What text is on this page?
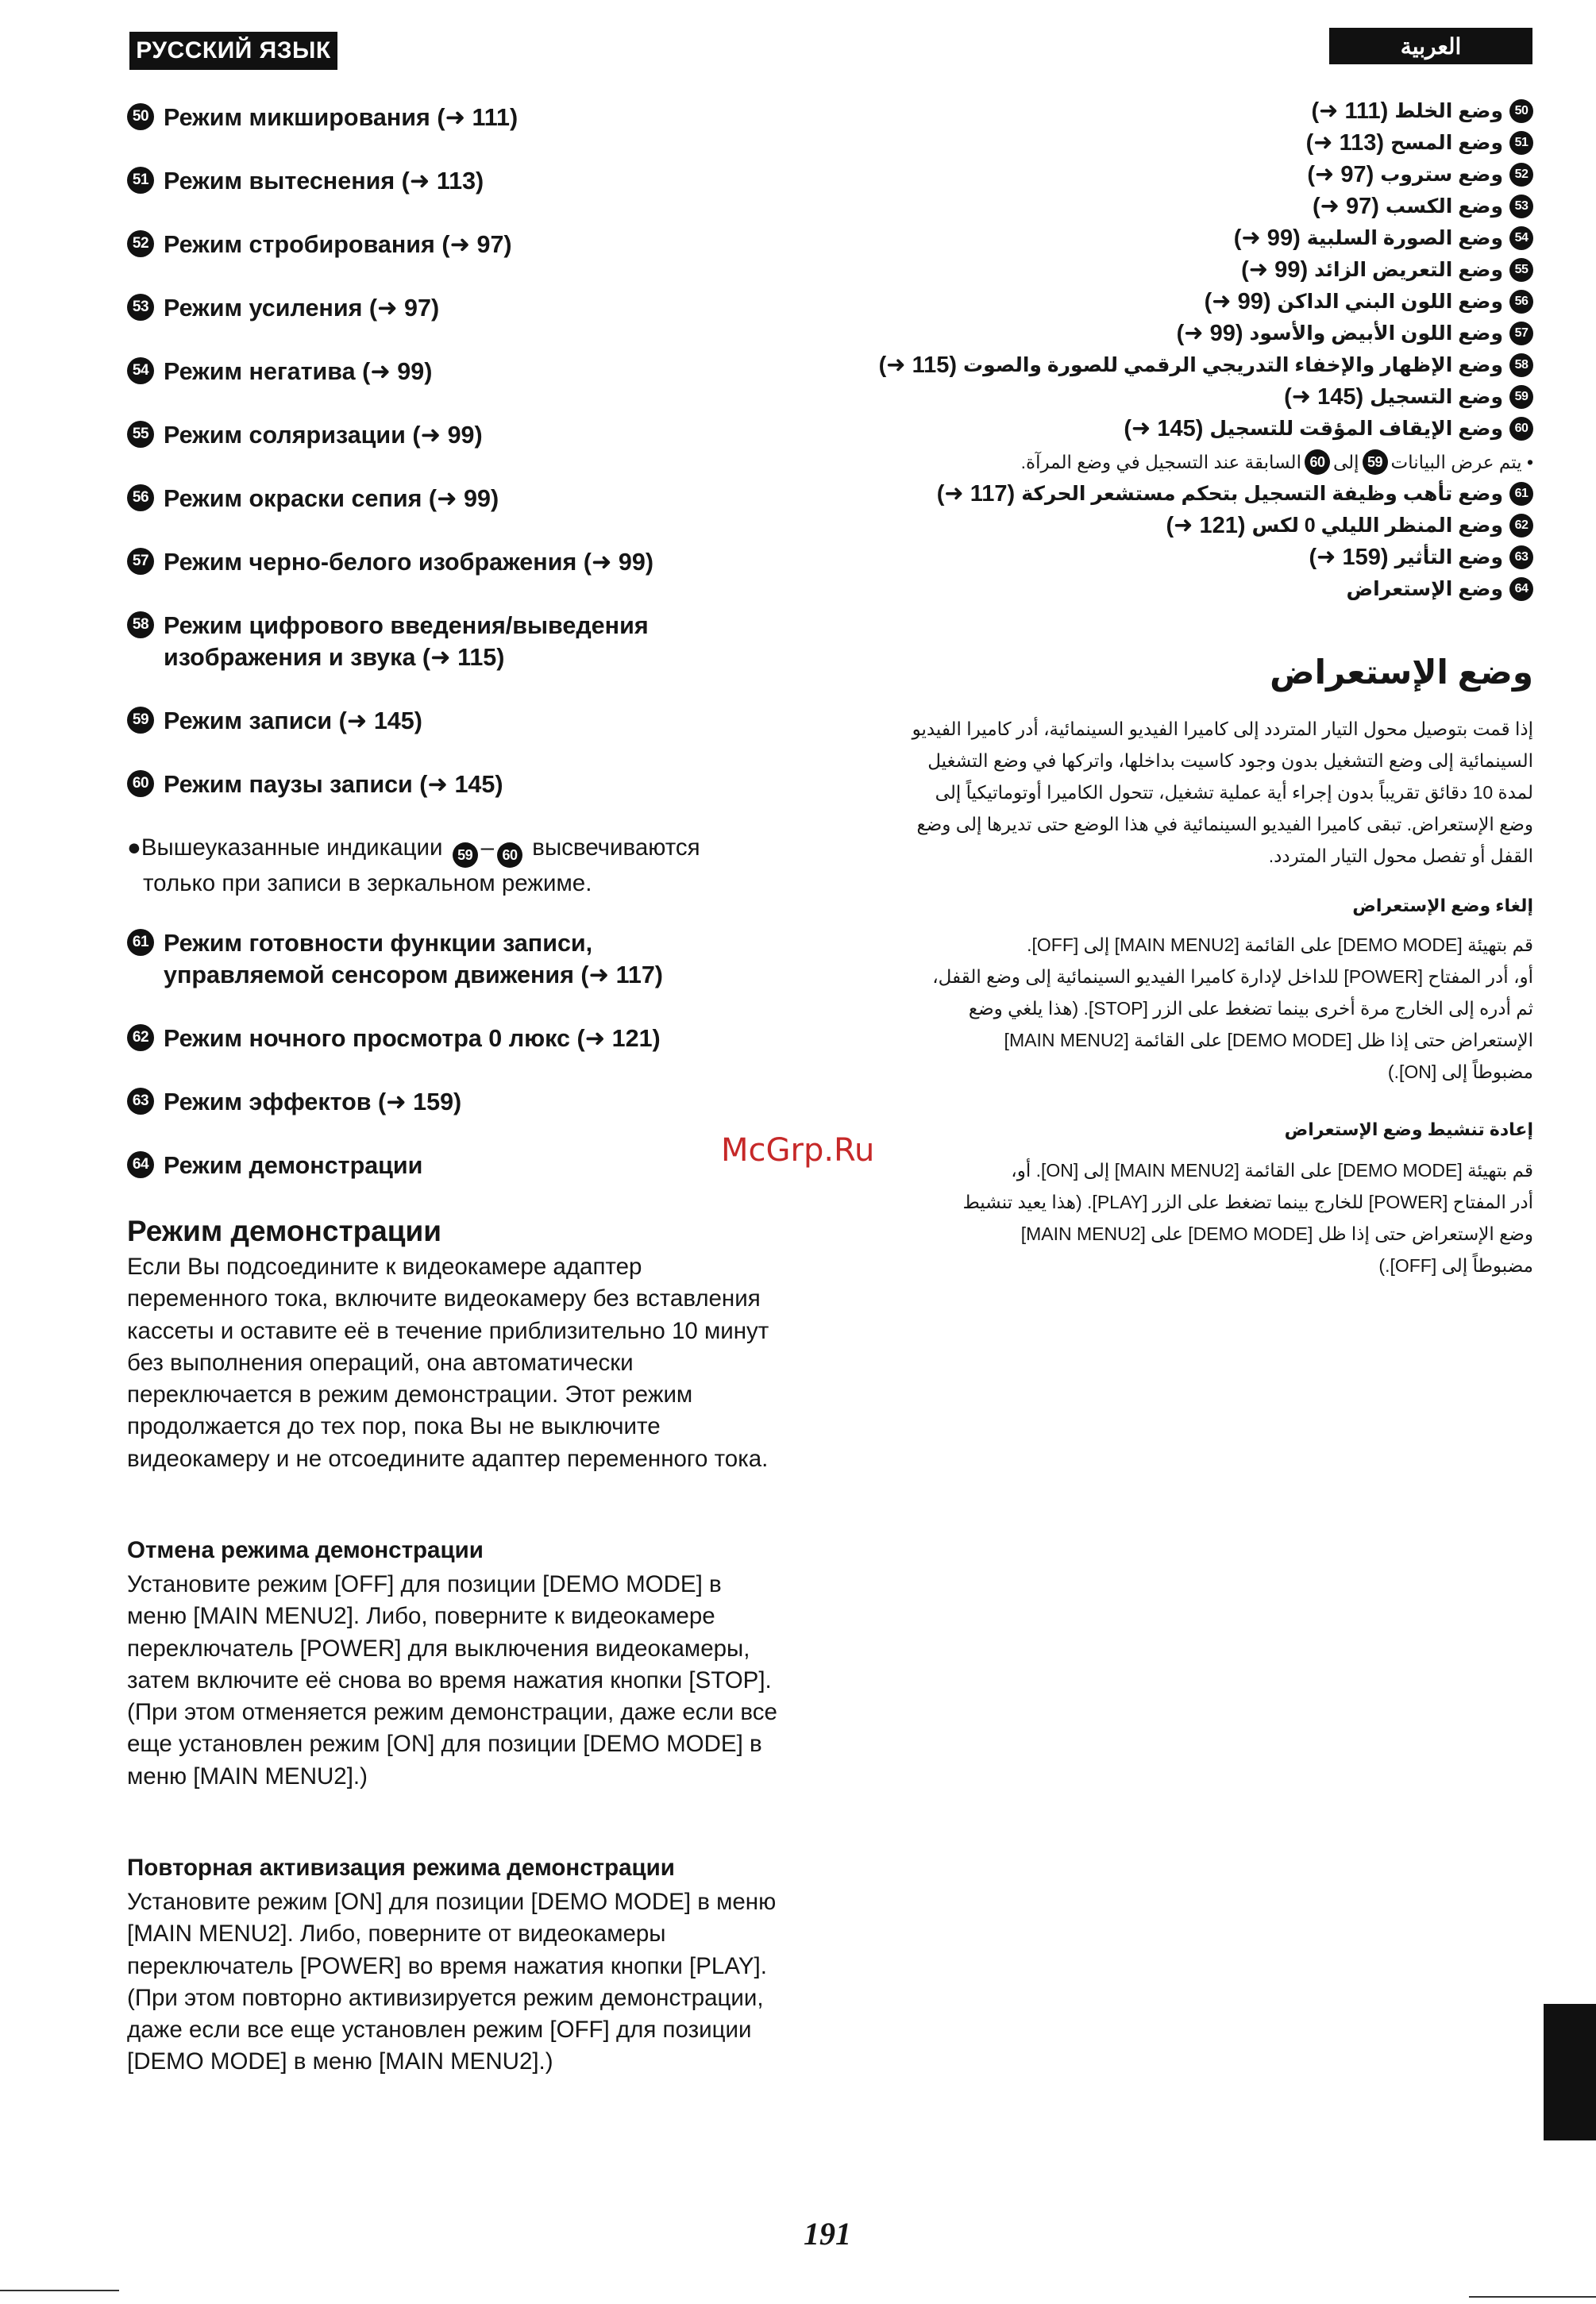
РУССКИЙ ЯЗЫК	العربية
50 Режим микширования (➜ 111)
51 Режим вытеснения (➜ 113)
52 Режим стробирования (➜ 97)
53 Режим усиления (➜ 97)
54 Режим негатива (➜ 99)
55 Режим соляризации (➜ 99)
56 Режим окраски сепия (➜ 99)
57 Режим черно-белого изображения (➜ 99)
58 Режим цифрового введения/выведения изображения и звука (➜ 115)
59 Режим записи (➜ 145)
60 Режим паузы записи (➜ 145)
●Вышеуказанные индикации 59 – 60 высвечиваются
только при записи в зеркальном режиме.
61 Режим готовности функции записи, управляемой сенсором движения (➜ 117)
62 Режим ночного просмотра 0 люкс (➜ 121)
63 Режим эффектов (➜ 159)
64 Режим демонстрации
Режим демонстрации
Если Вы подсоедините к видеокамере адаптер переменного тока, включите видеокамеру без вставления кассеты и оставите её в течение приблизительно 10 минут без выполнения операций, она автоматически переключается в режим демонстрации. Этот режим продолжается до тех пор, пока Вы не выключите видеокамеру и не отсоедините адаптер переменного тока.
Отмена режима демонстрации
Установите режим [OFF] для позиции [DEMO MODE] в меню [MAIN MENU2]. Либо, поверните к видеокамере переключатель [POWER] для выключения видеокамеры, затем включите её снова во время нажатия кнопки [STOP]. (При этом отменяется режим демонстрации, даже если все еще установлен режим [ON] для позиции [DEMO MODE] в меню [MAIN MENU2].)
Повторная активизация режима демонстрации
Установите режим [ON] для позиции [DEMO MODE] в меню [MAIN MENU2]. Либо, поверните от видеокамеры переключатель [POWER] во время нажатия кнопки [PLAY]. (При этом повторно активизируется режим демонстрации, даже если все еще установлен режим [OFF] для позиции [DEMO MODE] в меню [MAIN MENU2].)
50
وضع الخلط
(➜ 111)
51
وضع المسح
(➜ 113)
52
وضع ستروب
(➜ 97)
53
وضع الكسب
(➜ 97)
54
وضع الصورة السلبية
(➜ 99)
55
وضع التعريض الزائد
(➜ 99)
56
وضع اللون البني الداكن
(➜ 99)
57
وضع اللون الأبيض والأسود
(➜ 99)
58
وضع الإظهار والإخفاء التدريجي الرقمي للصورة والصوت
(➜ 115)
59
وضع التسجيل
(➜ 145)
60
وضع الإيقاف المؤقت للتسجيل
(➜ 145)
•

يتم عرض البيانات
59
إلى
60
السابقة عند التسجيل في وضع المرآة.
61
وضع تأهب وظيفة التسجيل بتحكم مستشعر الحركة
(➜ 117)
62
وضع المنظر الليلي 0 لكس
(➜ 121)
63
وضع التأثير
(➜ 159)
64
وضع الإستعراض
وضع الإستعراض
إذا قمت بتوصيل محول التيار المتردد إلى كاميرا الفيديو السينمائية، أدر كاميرا الفيديو
السينمائية إلى وضع التشغيل بدون وجود كاسيت بداخلها، واتركها في وضع التشغيل
لمدة 10 دقائق تقريباً بدون إجراء أية عملية تشغيل، تتحول الكاميرا أوتوماتيكياً إلى
وضع الإستعراض. تبقى كاميرا الفيديو السينمائية في هذا الوضع حتى تديرها إلى وضع
القفل أو تفصل محول التيار المتردد.
إلغاء وضع الإستعراض
قم بتهيئة [DEMO MODE] على القائمة [MAIN MENU2] إلى [OFF].
أو، أدر المفتاح [POWER] للداخل لإدارة كاميرا الفيديو السينمائية إلى وضع القفل،
ثم أدره إلى الخارج مرة أخرى بينما تضغط على الزر [STOP]. (هذا يلغي وضع
الإستعراض حتى إذا ظل [DEMO MODE] على القائمة [MAIN MENU2]
مضبوطاً إلى [ON].)
إعادة تنشيط وضع الإستعراض
قم بتهيئة [DEMO MODE] على القائمة [MAIN MENU2] إلى [ON]. أو،
أدر المفتاح [POWER] للخارج بينما تضغط على الزر [PLAY]. (هذا يعيد تنشيط
وضع الإستعراض حتى إذا ظل [DEMO MODE] على [MAIN MENU2]
مضبوطاً إلى [OFF].)
McGrp.Ru
191
